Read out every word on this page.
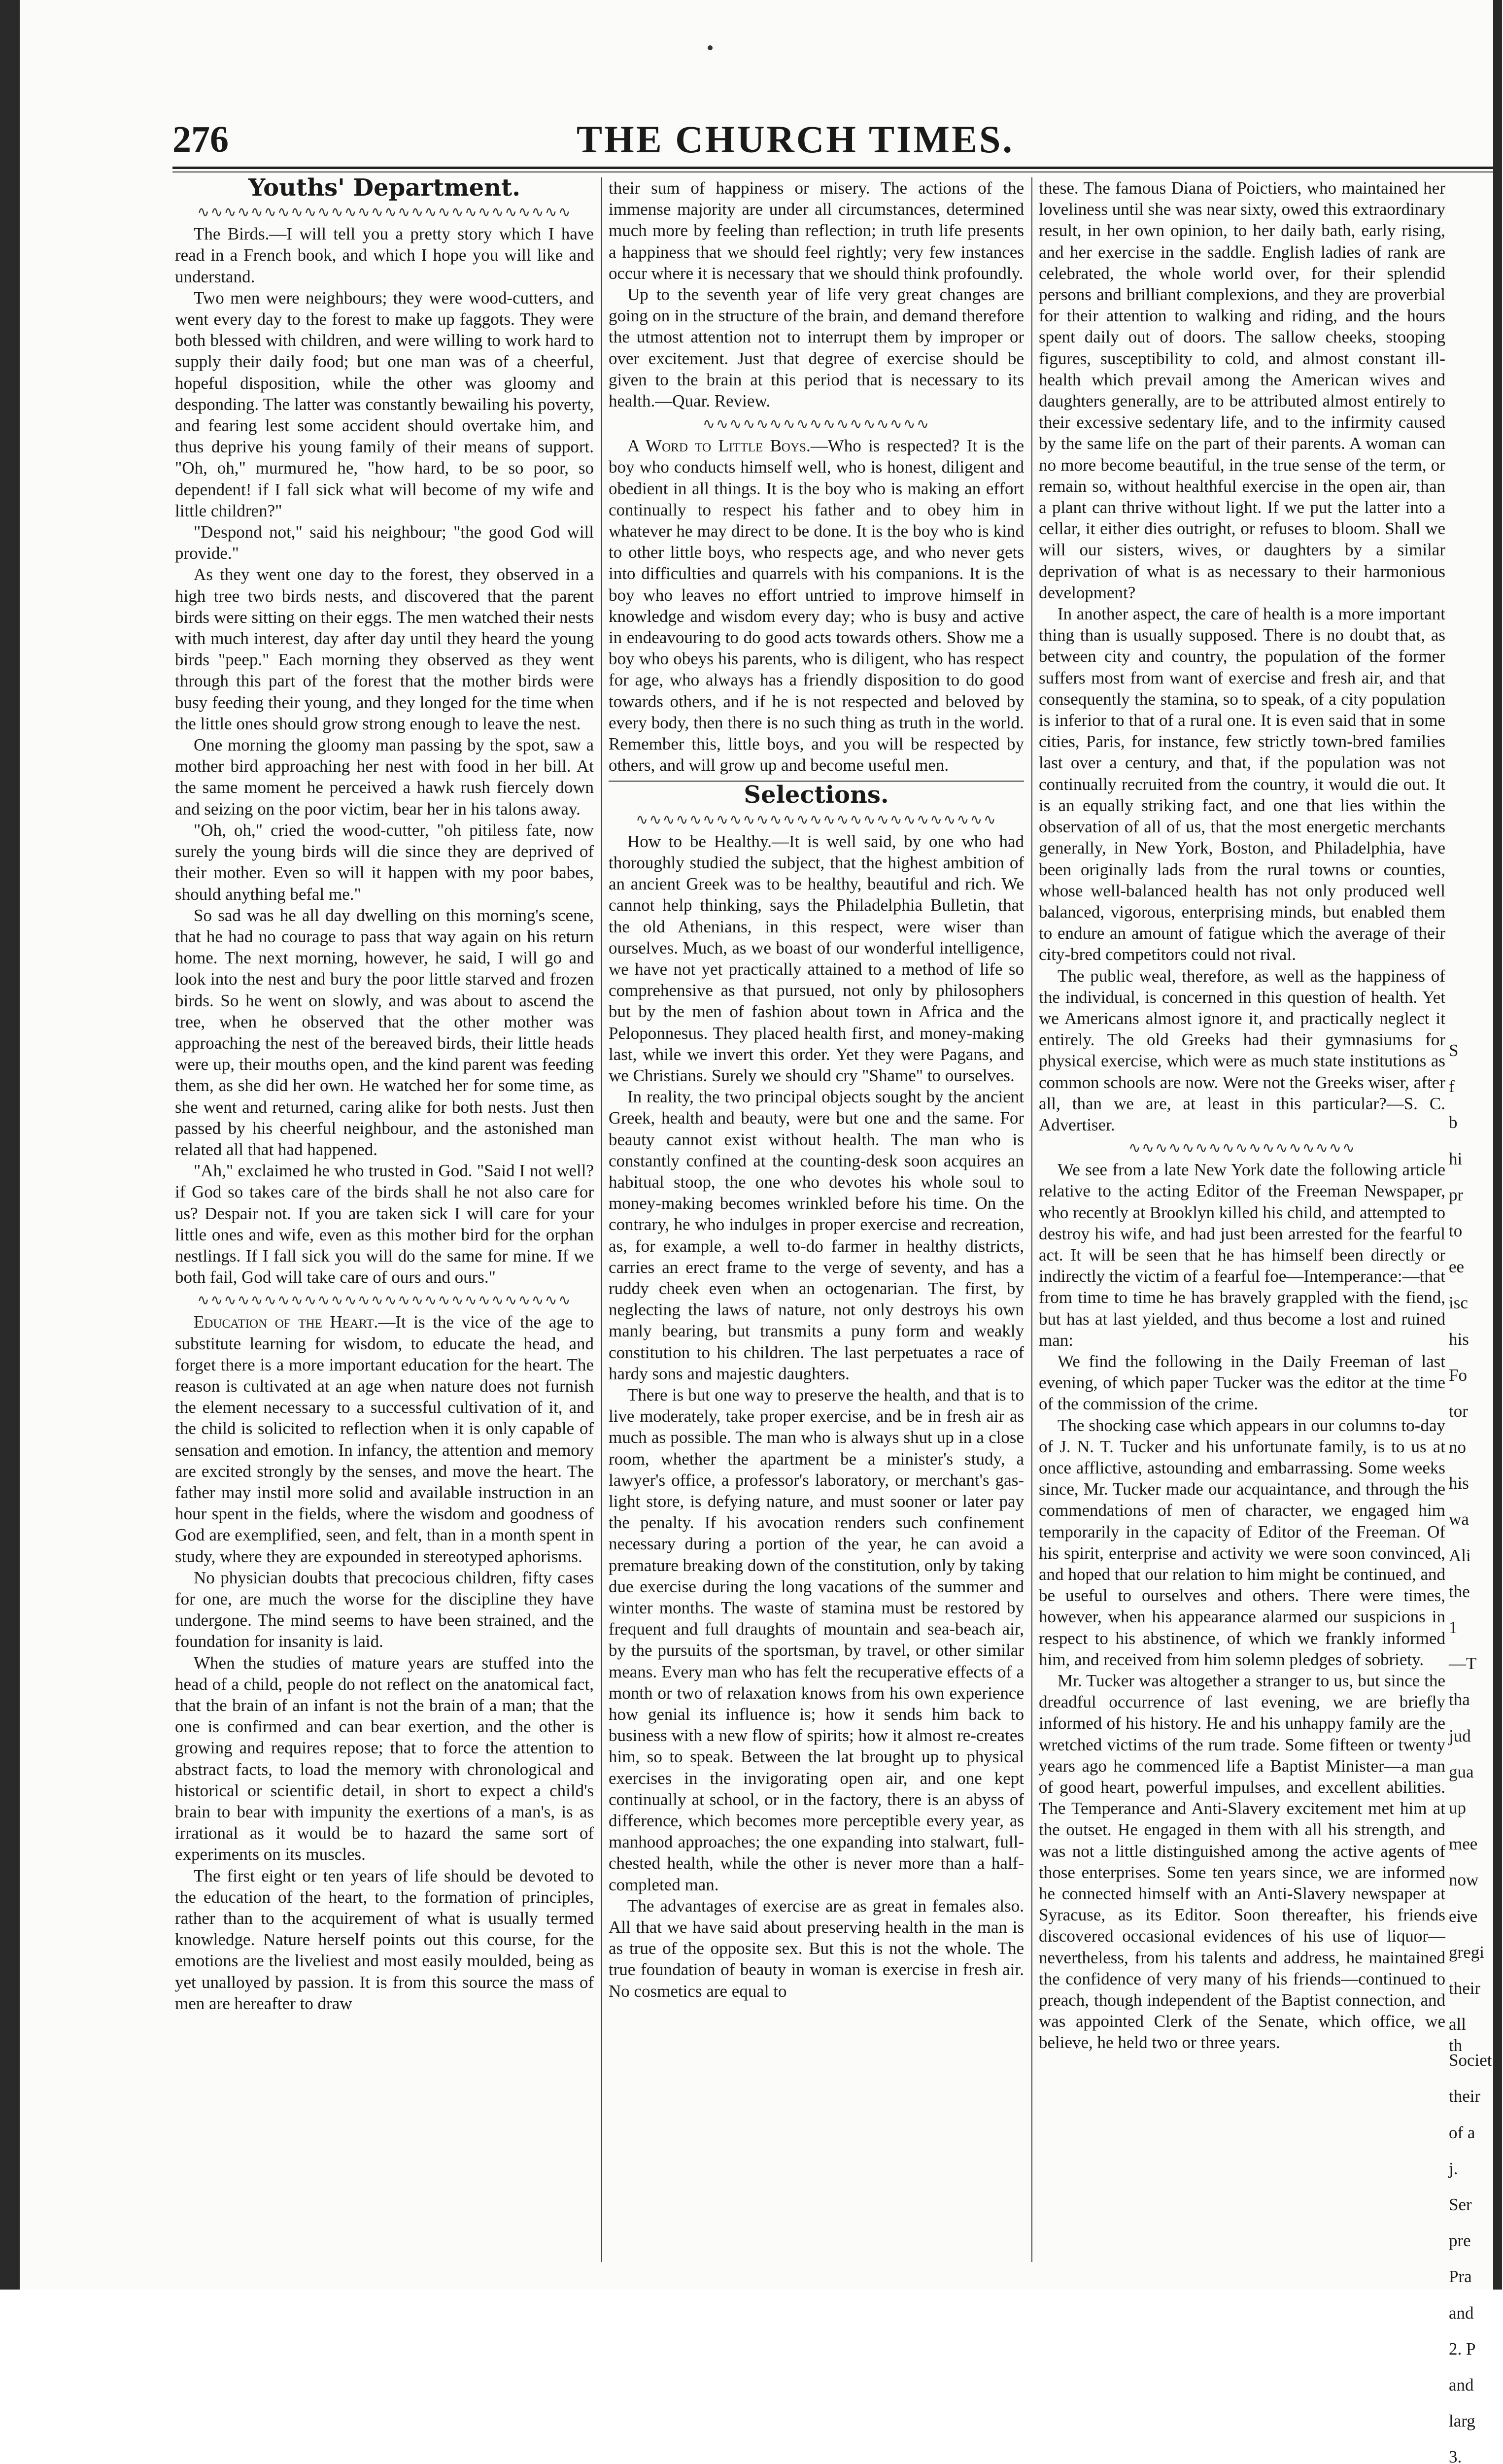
276	THE CHURCH TIMES.
Youths' Department.
∿∿∿∿∿∿∿∿∿∿∿∿∿∿∿∿∿∿∿∿∿∿∿∿∿∿∿∿

The Birds.—I will tell you a pretty story which I have read in a French book, and which I hope you will like and understand.

Two men were neighbours; they were wood-cutters, and went every day to the forest to make up faggots. They were both blessed with children, and were willing to work hard to supply their daily food; but one man was of a cheerful, hopeful disposition, while the other was gloomy and desponding. The latter was constantly bewailing his poverty, and fearing lest some accident should overtake him, and thus deprive his young family of their means of support. "Oh, oh," murmured he, "how hard, to be so poor, so dependent! if I fall sick what will become of my wife and little children?"

"Despond not," said his neighbour; "the good God will provide."

As they went one day to the forest, they observed in a high tree two birds nests, and discovered that the parent birds were sitting on their eggs. The men watched their nests with much interest, day after day until they heard the young birds "peep." Each morning they observed as they went through this part of the forest that the mother birds were busy feeding their young, and they longed for the time when the little ones should grow strong enough to leave the nest.

One morning the gloomy man passing by the spot, saw a mother bird approaching her nest with food in her bill. At the same moment he perceived a hawk rush fiercely down and seizing on the poor victim, bear her in his talons away.

"Oh, oh," cried the wood-cutter, "oh pitiless fate, now surely the young birds will die since they are deprived of their mother. Even so will it happen with my poor babes, should anything befal me."

So sad was he all day dwelling on this morning's scene, that he had no courage to pass that way again on his return home. The next morning, however, he said, I will go and look into the nest and bury the poor little starved and frozen birds. So he went on slowly, and was about to ascend the tree, when he observed that the other mother was approaching the nest of the bereaved birds, their little heads were up, their mouths open, and the kind parent was feeding them, as she did her own. He watched her for some time, as she went and returned, caring alike for both nests. Just then passed by his cheerful neighbour, and the astonished man related all that had happened.

"Ah," exclaimed he who trusted in God. "Said I not well? if God so takes care of the birds shall he not also care for us? Despair not. If you are taken sick I will care for your little ones and wife, even as this mother bird for the orphan nestlings. If I fall sick you will do the same for mine. If we both fail, God will take care of ours and ours."

∿∿∿∿∿∿∿∿∿∿∿∿∿∿∿∿∿∿∿∿∿∿∿∿∿∿∿∿

Education of the Heart.—It is the vice of the age to substitute learning for wisdom, to educate the head, and forget there is a more important education for the heart. The reason is cultivated at an age when nature does not furnish the element necessary to a successful cultivation of it, and the child is solicited to reflection when it is only capable of sensation and emotion. In infancy, the attention and memory are excited strongly by the senses, and move the heart. The father may instil more solid and available instruction in an hour spent in the fields, where the wisdom and goodness of God are exemplified, seen, and felt, than in a month spent in study, where they are expounded in stereotyped aphorisms.

No physician doubts that precocious children, fifty cases for one, are much the worse for the discipline they have undergone. The mind seems to have been strained, and the foundation for insanity is laid.

When the studies of mature years are stuffed into the head of a child, people do not reflect on the anatomical fact, that the brain of an infant is not the brain of a man; that the one is confirmed and can bear exertion, and the other is growing and requires repose; that to force the attention to abstract facts, to load the memory with chronological and historical or scientific detail, in short to expect a child's brain to bear with impunity the exertions of a man's, is as irrational as it would be to hazard the same sort of experiments on its muscles.

The first eight or ten years of life should be devoted to the education of the heart, to the formation of principles, rather than to the acquirement of what is usually termed knowledge. Nature herself points out this course, for the emotions are the liveliest and most easily moulded, being as yet unalloyed by passion. It is from this source the mass of men are hereafter to draw

their sum of happiness or misery. The actions of the immense majority are under all circumstances, determined much more by feeling than reflection; in truth life presents a happiness that we should feel rightly; very few instances occur where it is necessary that we should think profoundly.

Up to the seventh year of life very great changes are going on in the structure of the brain, and demand therefore the utmost attention not to interrupt them by improper or over excitement. Just that degree of exercise should be given to the brain at this period that is necessary to its health.—Quar. Review.

∿∿∿∿∿∿∿∿∿∿∿∿∿∿∿∿∿

A Word to Little Boys.—Who is respected? It is the boy who conducts himself well, who is honest, diligent and obedient in all things. It is the boy who is making an effort continually to respect his father and to obey him in whatever he may direct to be done. It is the boy who is kind to other little boys, who respects age, and who never gets into difficulties and quarrels with his companions. It is the boy who leaves no effort untried to improve himself in knowledge and wisdom every day; who is busy and active in endeavouring to do good acts towards others. Show me a boy who obeys his parents, who is diligent, who has respect for age, who always has a friendly disposition to do good towards others, and if he is not respected and beloved by every body, then there is no such thing as truth in the world. Remember this, little boys, and you will be respected by others, and will grow up and become useful men.

Selections.
∿∿∿∿∿∿∿∿∿∿∿∿∿∿∿∿∿∿∿∿∿∿∿∿∿∿∿

How to be Healthy.—It is well said, by one who had thoroughly studied the subject, that the highest ambition of an ancient Greek was to be healthy, beautiful and rich. We cannot help thinking, says the Philadelphia Bulletin, that the old Athenians, in this respect, were wiser than ourselves. Much, as we boast of our wonderful intelligence, we have not yet practically attained to a method of life so comprehensive as that pursued, not only by philosophers but by the men of fashion about town in Africa and the Peloponnesus. They placed health first, and money-making last, while we invert this order. Yet they were Pagans, and we Christians. Surely we should cry "Shame" to ourselves.

In reality, the two principal objects sought by the ancient Greek, health and beauty, were but one and the same. For beauty cannot exist without health. The man who is constantly confined at the counting-desk soon acquires an habitual stoop, the one who devotes his whole soul to money-making becomes wrinkled before his time. On the contrary, he who indulges in proper exercise and recreation, as, for example, a well to-do farmer in healthy districts, carries an erect frame to the verge of seventy, and has a ruddy cheek even when an octogenarian. The first, by neglecting the laws of nature, not only destroys his own manly bearing, but transmits a puny form and weakly constitution to his children. The last perpetuates a race of hardy sons and majestic daughters.

There is but one way to preserve the health, and that is to live moderately, take proper exercise, and be in fresh air as much as possible. The man who is always shut up in a close room, whether the apartment be a minister's study, a lawyer's office, a professor's laboratory, or merchant's gas-light store, is defying nature, and must sooner or later pay the penalty. If his avocation renders such confinement necessary during a portion of the year, he can avoid a premature breaking down of the constitution, only by taking due exercise during the long vacations of the summer and winter months. The waste of stamina must be restored by frequent and full draughts of mountain and sea-beach air, by the pursuits of the sportsman, by travel, or other similar means. Every man who has felt the recuperative effects of a month or two of relaxation knows from his own experience how genial its influence is; how it sends him back to business with a new flow of spirits; how it almost re-creates him, so to speak. Between the lat brought up to physical exercises in the invigorating open air, and one kept continually at school, or in the factory, there is an abyss of difference, which becomes more perceptible every year, as manhood approaches; the one expanding into stalwart, full-chested health, while the other is never more than a half-completed man.

The advantages of exercise are as great in females also. All that we have said about preserving health in the man is as true of the opposite sex. But this is not the whole. The true foundation of beauty in woman is exercise in fresh air. No cosmetics are equal to

these. The famous Diana of Poictiers, who maintained her loveliness until she was near sixty, owed this extraordinary result, in her own opinion, to her daily bath, early rising, and her exercise in the saddle. English ladies of rank are celebrated, the whole world over, for their splendid persons and brilliant complexions, and they are proverbial for their attention to walking and riding, and the hours spent daily out of doors. The sallow cheeks, stooping figures, susceptibility to cold, and almost constant ill-health which prevail among the American wives and daughters generally, are to be attributed almost entirely to their excessive sedentary life, and to the infirmity caused by the same life on the part of their parents. A woman can no more become beautiful, in the true sense of the term, or remain so, without healthful exercise in the open air, than a plant can thrive without light. If we put the latter into a cellar, it either dies outright, or refuses to bloom. Shall we will our sisters, wives, or daughters by a similar deprivation of what is as necessary to their harmonious development?

In another aspect, the care of health is a more important thing than is usually supposed. There is no doubt that, as between city and country, the population of the former suffers most from want of exercise and fresh air, and that consequently the stamina, so to speak, of a city population is inferior to that of a rural one. It is even said that in some cities, Paris, for instance, few strictly town-bred families last over a century, and that, if the population was not continually recruited from the country, it would die out. It is an equally striking fact, and one that lies within the observation of all of us, that the most energetic merchants generally, in New York, Boston, and Philadelphia, have been originally lads from the rural towns or counties, whose well-balanced health has not only produced well balanced, vigorous, enterprising minds, but enabled them to endure an amount of fatigue which the average of their city-bred competitors could not rival.

The public weal, therefore, as well as the happiness of the individual, is concerned in this question of health. Yet we Americans almost ignore it, and practically neglect it entirely. The old Greeks had their gymnasiums for physical exercise, which were as much state institutions as common schools are now. Were not the Greeks wiser, after all, than we are, at least in this particular?—S. C. Advertiser.

∿∿∿∿∿∿∿∿∿∿∿∿∿∿∿∿∿

We see from a late New York date the following article relative to the acting Editor of the Freeman Newspaper, who recently at Brooklyn killed his child, and attempted to destroy his wife, and had just been arrested for the fearful act. It will be seen that he has himself been directly or indirectly the victim of a fearful foe—Intemperance:—that from time to time he has bravely grappled with the fiend, but has at last yielded, and thus become a lost and ruined man:

We find the following in the Daily Freeman of last evening, of which paper Tucker was the editor at the time of the commission of the crime.

The shocking case which appears in our columns to-day of J. N. T. Tucker and his unfortunate family, is to us at once afflictive, astounding and embarrassing. Some weeks since, Mr. Tucker made our acquaintance, and through the commendations of men of character, we engaged him temporarily in the capacity of Editor of the Freeman. Of his spirit, enterprise and activity we were soon convinced, and hoped that our relation to him might be continued, and be useful to ourselves and others. There were times, however, when his appearance alarmed our suspicions in respect to his abstinence, of which we frankly informed him, and received from him solemn pledges of sobriety.

Mr. Tucker was altogether a stranger to us, but since the dreadful occurrence of last evening, we are briefly informed of his history. He and his unhappy family are the wretched victims of the rum trade. Some fifteen or twenty years ago he commenced life a Baptist Minister—a man of good heart, powerful impulses, and excellent abilities. The Temperance and Anti-Slavery excitement met him at the outset. He engaged in them with all his strength, and was not a little distinguished among the active agents of those enterprises. Some ten years since, we are informed he connected himself with an Anti-Slavery newspaper at Syracuse, as its Editor. Soon thereafter, his friends discovered occasional evidences of his use of liquor—nevertheless, from his talents and address, he maintained the confidence of very many of his friends—continued to preach, though independent of the Baptist connection, and was appointed Clerk of the Senate, which office, we believe, he held two or three years.

S
f
b
hi
pr
to
ee
isc
his
Fo
tor
no
his
wa
Ali
the
1
—T
tha
jud
gua
up
mee
now
eive
gregi
their
all th
Societ
their
of a
j.
Ser
pre
Pra
and
2. P
and
larg
3.
